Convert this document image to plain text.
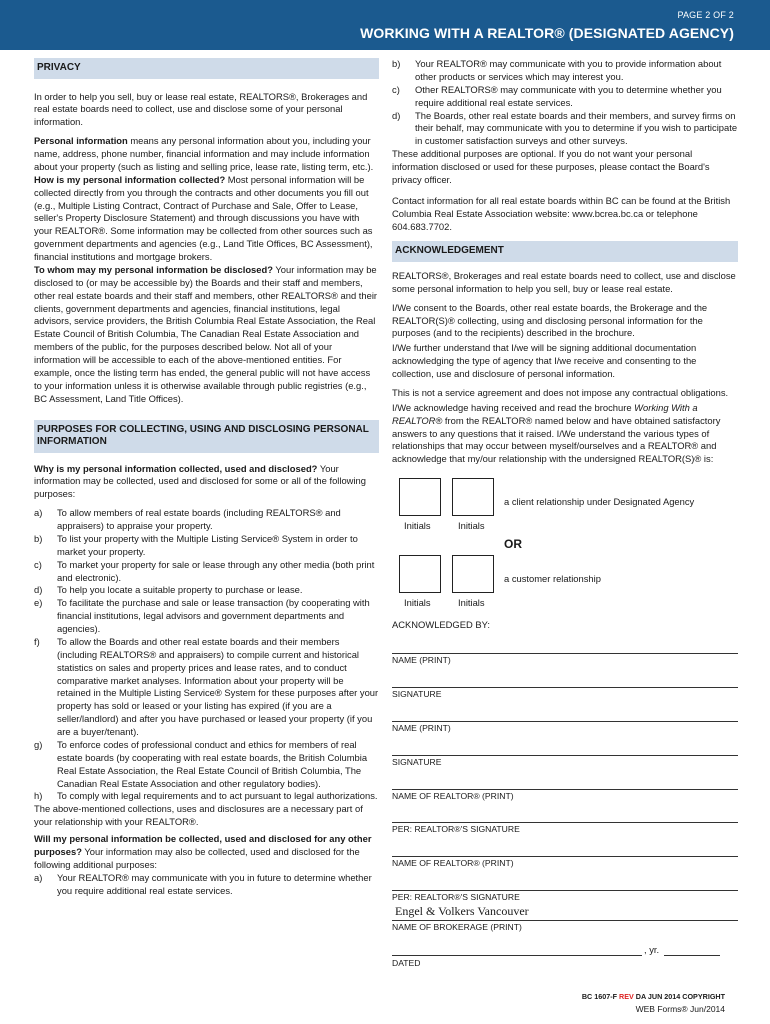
PAGE 2 OF 2
WORKING WITH A REALTOR® (DESIGNATED AGENCY)
PRIVACY

In order to help you sell, buy or lease real estate, REALTORS®, Brokerages and real estate boards need to collect, use and disclose some of your personal information.

Personal information means any personal information about you, including your name, address, phone number, financial information and may include information about your property (such as listing and selling price, lease rate, listing term, etc.).

How is my personal information collected? Most personal information will be collected directly from you through the contracts and other documents you fill out (e.g., Multiple Listing Contract, Contract of Purchase and Sale, Offer to Lease, seller's Property Disclosure Statement) and through discussions you have with your REALTOR®. Some information may be collected from other sources such as government departments and agencies (e.g., Land Title Offices, BC Assessment), financial institutions and mortgage brokers.

To whom may my personal information be disclosed? Your information may be disclosed to (or may be accessible by) the Boards and their staff and members, other real estate boards and their staff and members, other REALTORS® and their clients, government departments and agencies, financial institutions, legal advisors, service providers, the British Columbia Real Estate Association, the Real Estate Council of British Columbia, The Canadian Real Estate Association and members of the public, for the purposes described below. Not all of your information will be accessible to each of the above-mentioned entities. For example, once the listing term has ended, the general public will not have access to your information unless it is otherwise available through public registries (e.g., BC Assessment, Land Title Offices).

PURPOSES FOR COLLECTING, USING AND DISCLOSING PERSONAL INFORMATION

Why is my personal information collected, used and disclosed? Your information may be collected, used and disclosed for some or all of the following purposes:

a)	To allow members of real estate boards (including REALTORS® and appraisers) to appraise your property.
b)	To list your property with the Multiple Listing Service® System in order to market your property.
c)	To market your property for sale or lease through any other media (both print and electronic).
d)	To help you locate a suitable property to purchase or lease.
e)	To facilitate the purchase and sale or lease transaction (by cooperating with financial institutions, legal advisors and government departments and agencies).
f)	To allow the Boards and other real estate boards and their members (including REALTORS® and appraisers) to compile current and historical statistics on sales and property prices and lease rates, and to conduct comparative market analyses. Information about your property will be retained in the Multiple Listing Service® System for these purposes after your property has sold or leased or your listing has expired (if you are a seller/landlord) and after you have purchased or leased your property (if you are a buyer/tenant).
g)	To enforce codes of professional conduct and ethics for members of real estate boards (by cooperating with real estate boards, the British Columbia Real Estate Association, the Real Estate Council of British Columbia, The Canadian Real Estate Association and other regulatory bodies).
h)	To comply with legal requirements and to act pursuant to legal authorizations.

The above-mentioned collections, uses and disclosures are a necessary part of your relationship with your REALTOR®.

Will my personal information be collected, used and disclosed for any other purposes? Your information may also be collected, used and disclosed for the following additional purposes:

a)	Your REALTOR® may communicate with you in future to determine whether you require additional real estate services.
b)	Your REALTOR® may communicate with you to provide information about other products or services which may interest you.
c)	Other REALTORS® may communicate with you to determine whether you require additional real estate services.
d)	The Boards, other real estate boards and their members, and survey firms on their behalf, may communicate with you to determine if you wish to participate in customer satisfaction surveys and other surveys.

These additional purposes are optional. If you do not want your personal information disclosed or used for these purposes, please contact the Board's privacy officer.

Contact information for all real estate boards within BC can be found at the British Columbia Real Estate Association website: www.bcrea.bc.ca or telephone 604.683.7702.

ACKNOWLEDGEMENT

REALTORS®, Brokerages and real estate boards need to collect, use and disclose some personal information to help you sell, buy or lease real estate.

I/We consent to the Boards, other real estate boards, the Brokerage and the REALTOR(S)® collecting, using and disclosing personal information for the purposes (and to the recipients) described in the brochure.

I/We further understand that I/we will be signing additional documentation acknowledging the type of agency that I/we receive and consenting to the collection, use and disclosure of personal information.

This is not a service agreement and does not impose any contractual obligations.

I/We acknowledge having received and read the brochure Working With a REALTOR® from the REALTOR® named below and have obtained satisfactory answers to any questions that it raised. I/We understand the various types of relationships that may occur between myself/ourselves and a REALTOR® and acknowledge that my/our relationship with the undersigned REALTOR(S)® is:

Initials	Initials
a client relationship under Designated Agency
OR
Initials	Initials
a customer relationship

ACKNOWLEDGED BY:

NAME (PRINT)
SIGNATURE
NAME (PRINT)
SIGNATURE
NAME OF REALTOR® (PRINT)
PER: REALTOR®'S SIGNATURE
NAME OF REALTOR® (PRINT)
PER: REALTOR®'S SIGNATURE
Engel & Volkers Vancouver
NAME OF BROKERAGE (PRINT)
, yr.
DATED
BC 1607-F REV DA JUN 2014 COPYRIGHT
WEB Forms® Jun/2014
